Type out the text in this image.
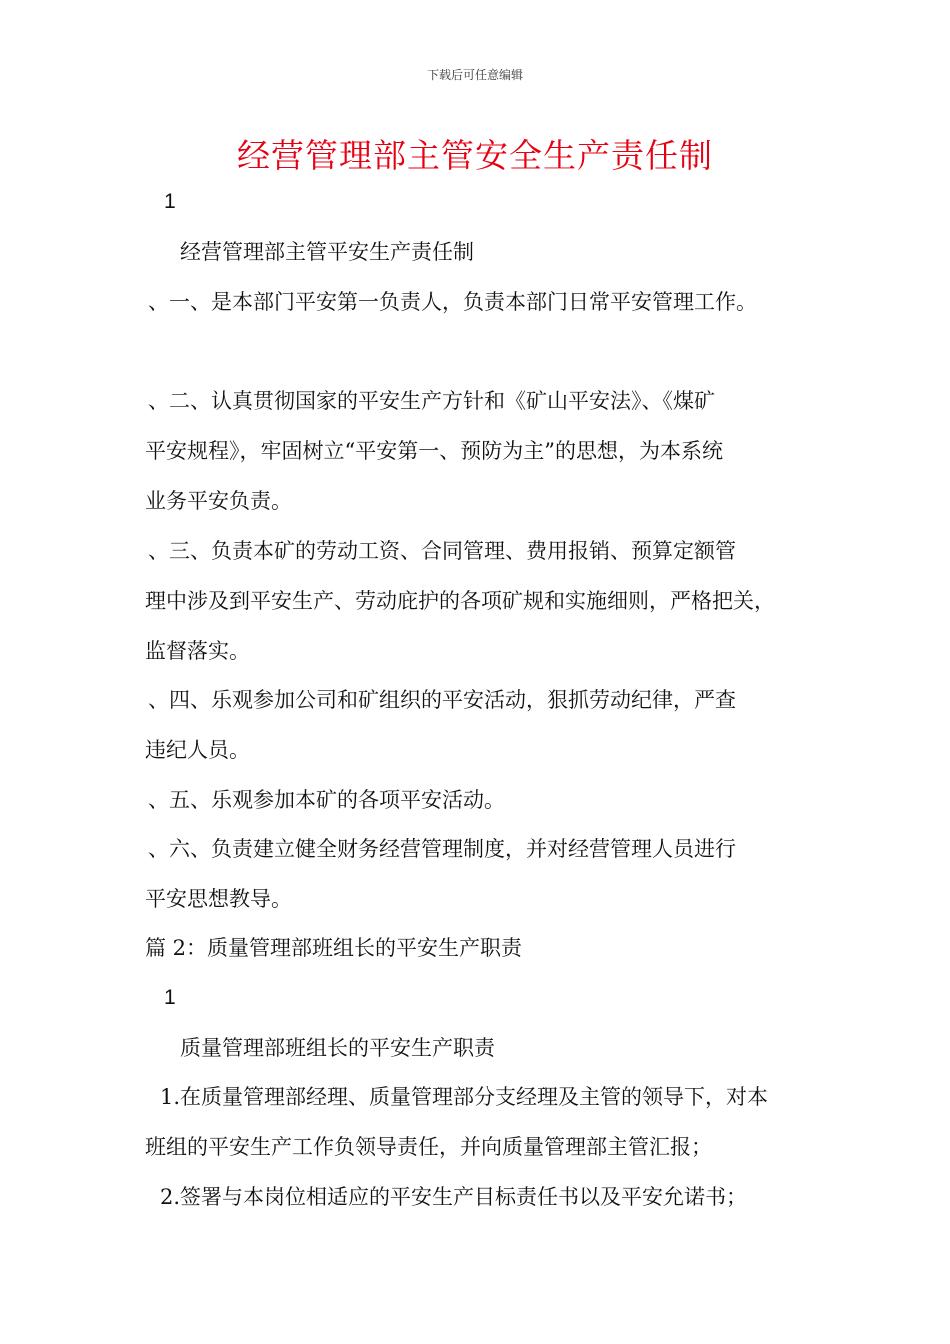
下载后可任意编辑
经营管理部主管安全生产责任制
1
经营管理部主管平安生产责任制
、一、是本部门平安第一负责人，负责本部门日常平安管理工作。
、二、认真贯彻国家的平安生产方针和《矿山平安法》、《煤矿
平安规程》，牢固树立“平安第一、预防为主”的思想，为本系统
业务平安负责。
、三、负责本矿的劳动工资、合同管理、费用报销、预算定额管
理中涉及到平安生产、劳动庇护的各项矿规和实施细则，严格把关，
监督落实。
、四、乐观参加公司和矿组织的平安活动，狠抓劳动纪律，严查
违纪人员。
、五、乐观参加本矿的各项平安活动。
、六、负责建立健全财务经营管理制度，并对经营管理人员进行
平安思想教导。
篇 2：质量管理部班组长的平安生产职责
1
质量管理部班组长的平安生产职责
1.在质量管理部经理、质量管理部分支经理及主管的领导下，对本
班组的平安生产工作负领导责任，并向质量管理部主管汇报；
2.签署与本岗位相适应的平安生产目标责任书以及平安允诺书；
